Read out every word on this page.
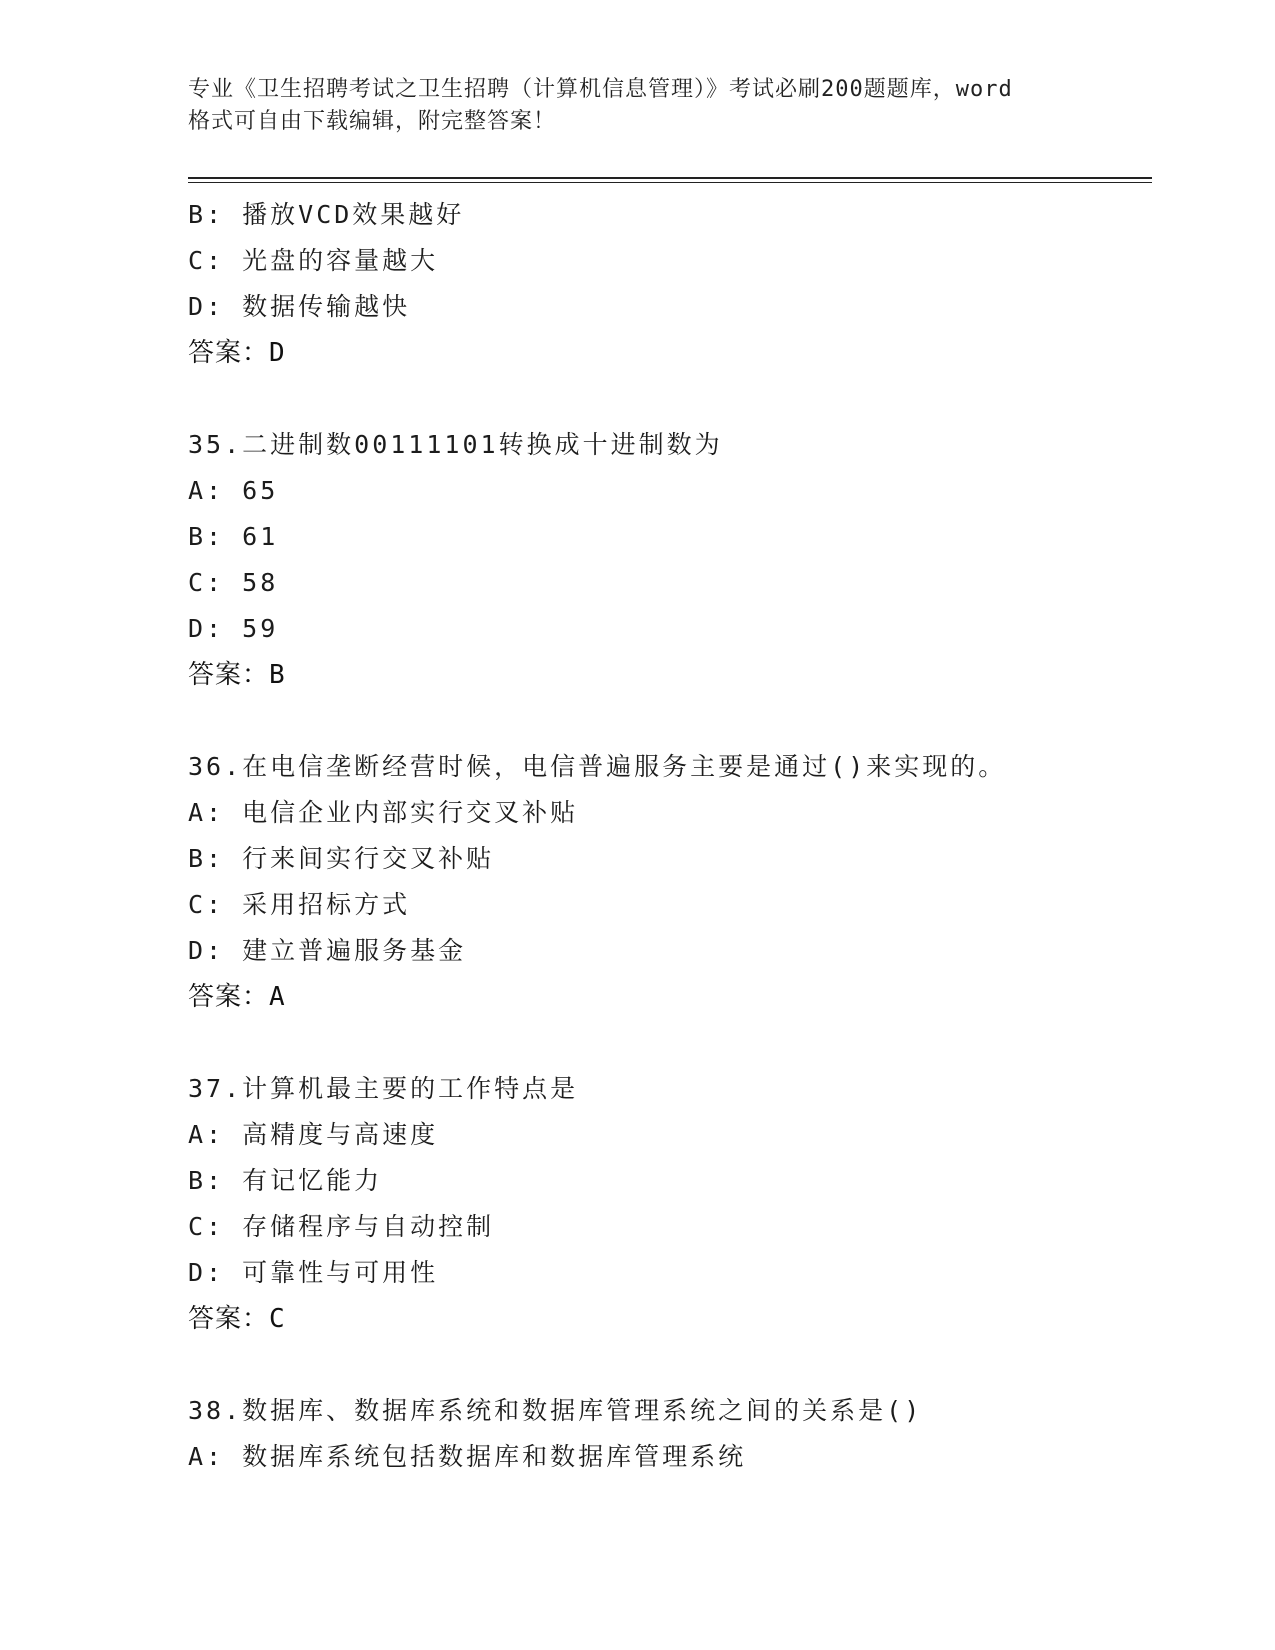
专业《卫生招聘考试之卫生招聘（计算机信息管理）》考试必刷200题题库，word
格式可自由下载编辑，附完整答案！
B: 播放VCD效果越好
C: 光盘的容量越大
D: 数据传输越快
答案：D
35.二进制数00111101转换成十进制数为
A: 65
B: 61
C: 58
D: 59
答案：B
36.在电信垄断经营时候，电信普遍服务主要是通过()来实现的。
A: 电信企业内部实行交叉补贴
B: 行来间实行交叉补贴
C: 采用招标方式
D: 建立普遍服务基金
答案：A
37.计算机最主要的工作特点是
A: 高精度与高速度
B: 有记忆能力
C: 存储程序与自动控制
D: 可靠性与可用性
答案：C
38.数据库、数据库系统和数据库管理系统之间的关系是()
A: 数据库系统包括数据库和数据库管理系统
